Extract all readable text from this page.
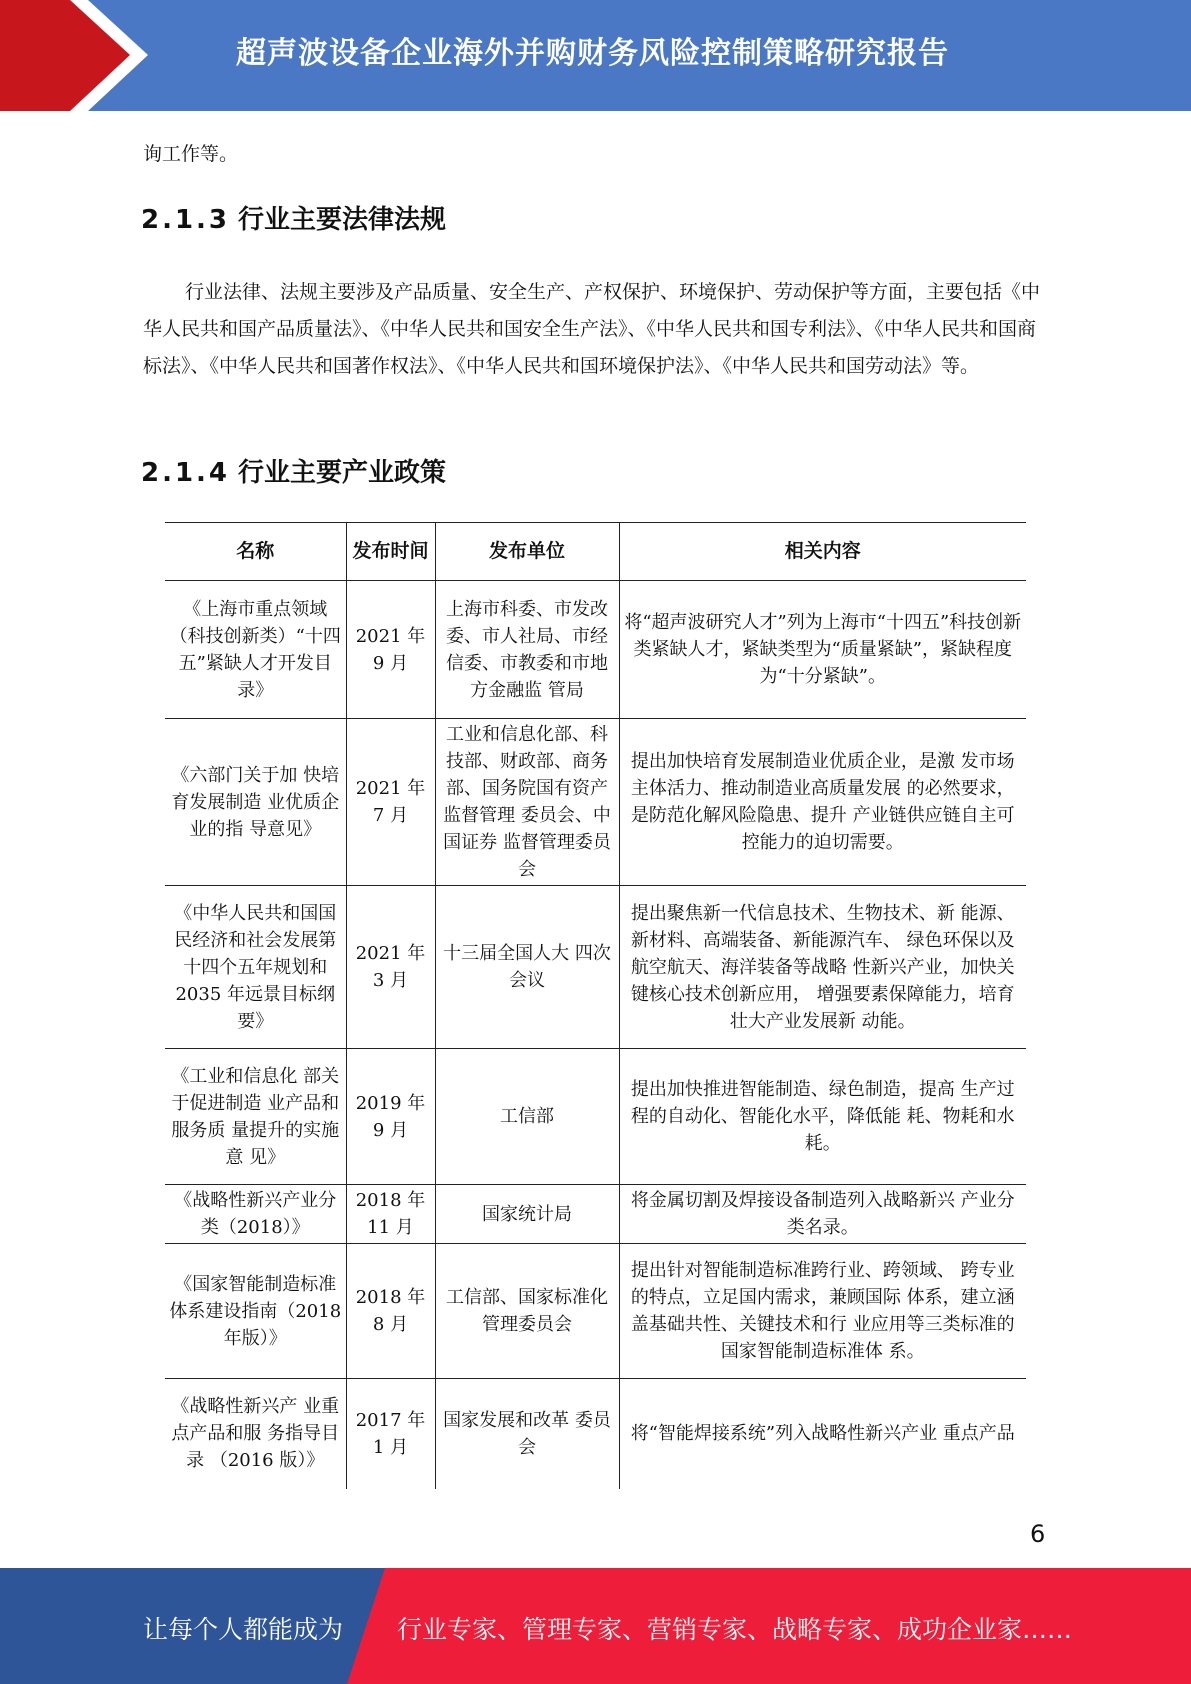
超声波设备企业海外并购财务风险控制策略研究报告

询工作等。

2.1.3 行业主要法律法规

行业法律、法规主要涉及产品质量、安全生产、产权保护、环境保护、劳动保护等方面，主要包括《中华人民共和国产品质量法》、《中华人民共和国安全生产法》、《中华人民共和国专利法》、《中华人民共和国商标法》、《中华人民共和国著作权法》、《中华人民共和国环境保护法》、《中华人民共和国劳动法》等。

2.1.4 行业主要产业政策
名称	发布时间	发布单位	相关内容
《上海市重点领域（科技创新类）“十四五”紧缺人才开发目录》	2021 年 9 月	上海市科委、市发改委、市人社局、市经信委、市教委和市地方金融监 管局	将“超声波研究人才”列为上海市“十四五”科技创新类紧缺人才，紧缺类型为“质量紧缺”，紧缺程度为“十分紧缺”。
《六部门关于加 快培育发展制造 业优质企业的指 导意见》	2021 年 7 月	工业和信息化部、科技部、财政部、商务部、国务院国有资产监督管理 委员会、中国证券 监督管理委员会	提出加快培育发展制造业优质企业，是激 发市场主体活力、推动制造业高质量发展 的必然要求，是防范化解风险隐患、提升 产业链供应链自主可控能力的迫切需要。
《中华人民共和国国民经济和社会发展第十四个五年规划和 2035 年远景目标纲 要》	2021 年 3 月	十三届全国人大 四次会议	提出聚焦新一代信息技术、生物技术、新 能源、新材料、高端装备、新能源汽车、 绿色环保以及航空航天、海洋装备等战略 性新兴产业，加快关键核心技术创新应用， 增强要素保障能力，培育壮大产业发展新 动能。
《工业和信息化 部关于促进制造 业产品和服务质 量提升的实施意 见》	2019 年 9 月	工信部	提出加快推进智能制造、绿色制造，提高 生产过程的自动化、智能化水平，降低能 耗、物耗和水耗。
《战略性新兴产业分类（2018）》	2018 年 11 月	国家统计局	将金属切割及焊接设备制造列入战略新兴 产业分类名录。
《国家智能制造标准体系建设指南（2018 年版）》	2018 年 8 月	工信部、国家标准化管理委员会	提出针对智能制造标准跨行业、跨领域、 跨专业的特点，立足国内需求，兼顾国际 体系，建立涵盖基础共性、关键技术和行 业应用等三类标准的国家智能制造标准体 系。
《战略性新兴产 业重点产品和服 务指导目录 （2016 版）》	2017 年 1 月	国家发展和改革 委员会	将“智能焊接系统”列入战略性新兴产业 重点产品
6
让每个人都能成为 行业专家、管理专家、营销专家、战略专家、成功企业家……
